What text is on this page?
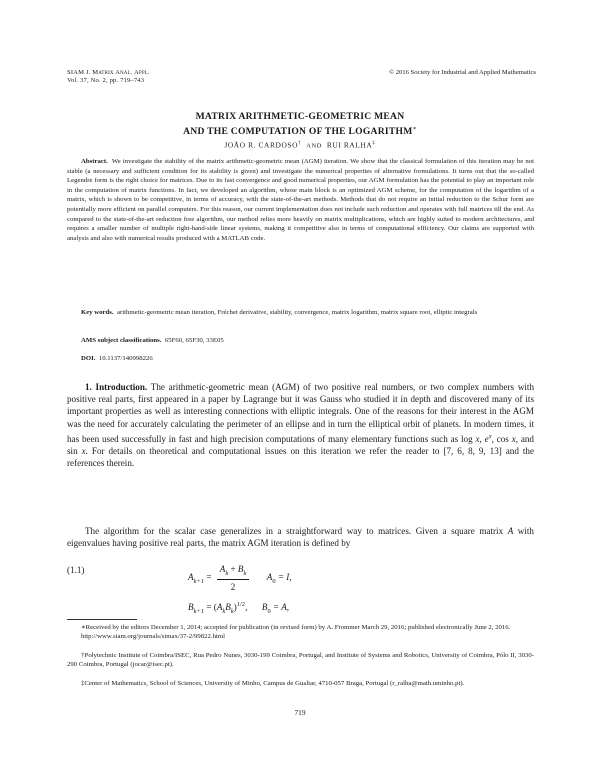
SIAM J. Matrix Anal. Appl.
Vol. 37, No. 2, pp. 719–743
© 2016 Society for Industrial and Applied Mathematics
MATRIX ARITHMETIC-GEOMETRIC MEAN
AND THE COMPUTATION OF THE LOGARITHM∗
JOÃO R. CARDOSO† AND RUI RALHA‡
Abstract. We investigate the stability of the matrix arithmetic-geometric mean (AGM) iteration. We show that the classical formulation of this iteration may be not stable (a necessary and sufficient condition for its stability is given) and investigate the numerical properties of alternative formulations. It turns out that the so-called Legendre form is the right choice for matrices. Due to its fast convergence and good numerical properties, our AGM formulation has the potential to play an important role in the computation of matrix functions. In fact, we developed an algorithm, whose main block is an optimized AGM scheme, for the computation of the logarithm of a matrix, which is shown to be competitive, in terms of accuracy, with the state-of-the-art methods. Methods that do not require an initial reduction to the Schur form are potentially more efficient on parallel computers. For this reason, our current implementation does not include such reduction and operates with full matrices till the end. As compared to the state-of-the-art reduction free algorithm, our method relies more heavily on matrix multiplications, which are highly suited to modern architectures, and requires a smaller number of multiple right-hand-side linear systems, making it competitive also in terms of computational efficiency. Our claims are supported with analysis and also with numerical results produced with a MATLAB code.
Key words. arithmetic-geometric mean iteration, Fréchet derivative, stability, convergence, matrix logarithm, matrix square root, elliptic integrals
AMS subject classifications. 65F60, 65F30, 33E05
DOI. 10.1137/140998226
1. Introduction. The arithmetic-geometric mean (AGM) of two positive real numbers, or two complex numbers with positive real parts, first appeared in a paper by Lagrange but it was Gauss who studied it in depth and discovered many of its important properties as well as interesting connections with elliptic integrals. One of the reasons for their interest in the AGM was the need for accurately calculating the perimeter of an ellipse and in turn the elliptical orbit of planets. In modern times, it has been used successfully in fast and high precision computations of many elementary functions such as log x, $e^x$, cos x, and sin x. For details on theoretical and computational issues on this iteration we refer the reader to [7, 6, 8, 9, 13] and the references therein.
The algorithm for the scalar case generalizes in a straightforward way to matrices. Given a square matrix A with eigenvalues having positive real parts, the matrix AGM iteration is defined by
(1.1)
$A_{k+1} = \frac{A_k + B_k}{2} A_0 = I$,
$B_{k+1} = (A_kB_k)^{1/2}$, $B_0 = A$,
∗Received by the editors December 1, 2014; accepted for publication (in revised form) by A. Frommer March 29, 2016; published electronically June 2, 2016.
http://www.siam.org/journals/simax/37-2/99822.html
†Polytechnic Institute of Coimbra/ISEC, Rua Pedro Nunes, 3030-199 Coimbra, Portugal, and Institute of Systems and Robotics, University of Coimbra, Pólo II, 3030-290 Coimbra, Portugal (jocar@isec.pt).
‡Center of Mathematics, School of Sciences, University of Minho, Campus de Gualtar, 4710-057 Braga, Portugal (r_ralha@math.uminho.pt).
719
